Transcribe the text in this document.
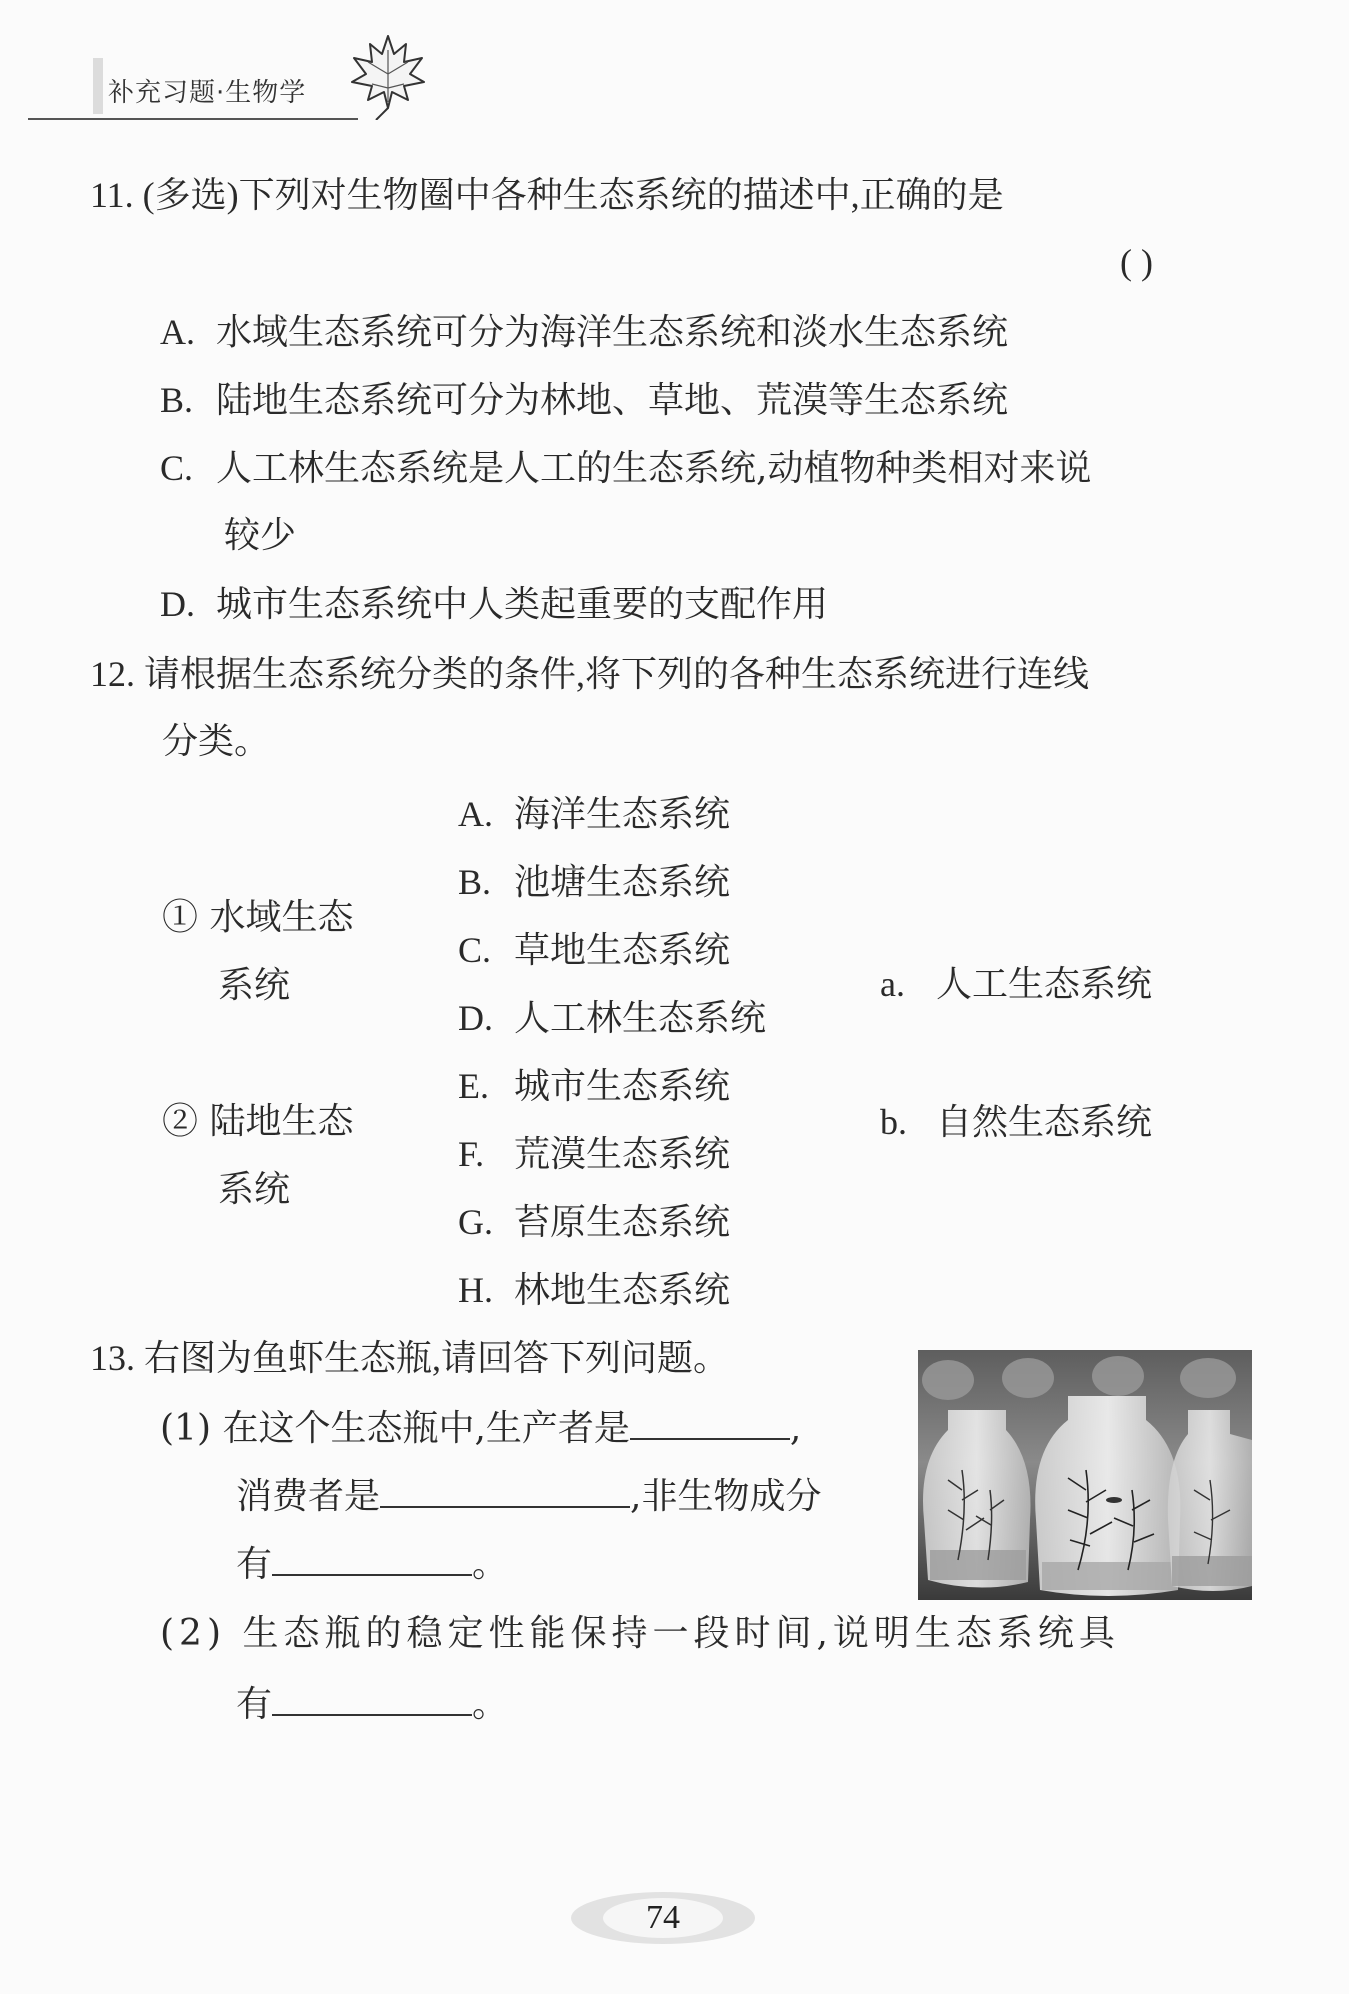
补充习题·生物学
11. (多选)下列对生物圈中各种生态系统的描述中,正确的是
( )
A. 水域生态系统可分为海洋生态系统和淡水生态系统
B. 陆地生态系统可分为林地、草地、荒漠等生态系统
C. 人工林生态系统是人工的生态系统,动植物种类相对来说
较少
D. 城市生态系统中人类起重要的支配作用
12. 请根据生态系统分类的条件,将下列的各种生态系统进行连线
分类。
① 水域生态
系统
② 陆地生态
系统
A. 海洋生态系统
B. 池塘生态系统
C. 草地生态系统
D. 人工林生态系统
E. 城市生态系统
F. 荒漠生态系统
G. 苔原生态系统
H. 林地生态系统
a. 人工生态系统
b. 自然生态系统
13. 右图为鱼虾生态瓶,请回答下列问题。
(1) 在这个生态瓶中,生产者是	,
消费者是	,非生物成分
有	。
(2) 生态瓶的稳定性能保持一段时间,说明生态系统具
有	。
74
